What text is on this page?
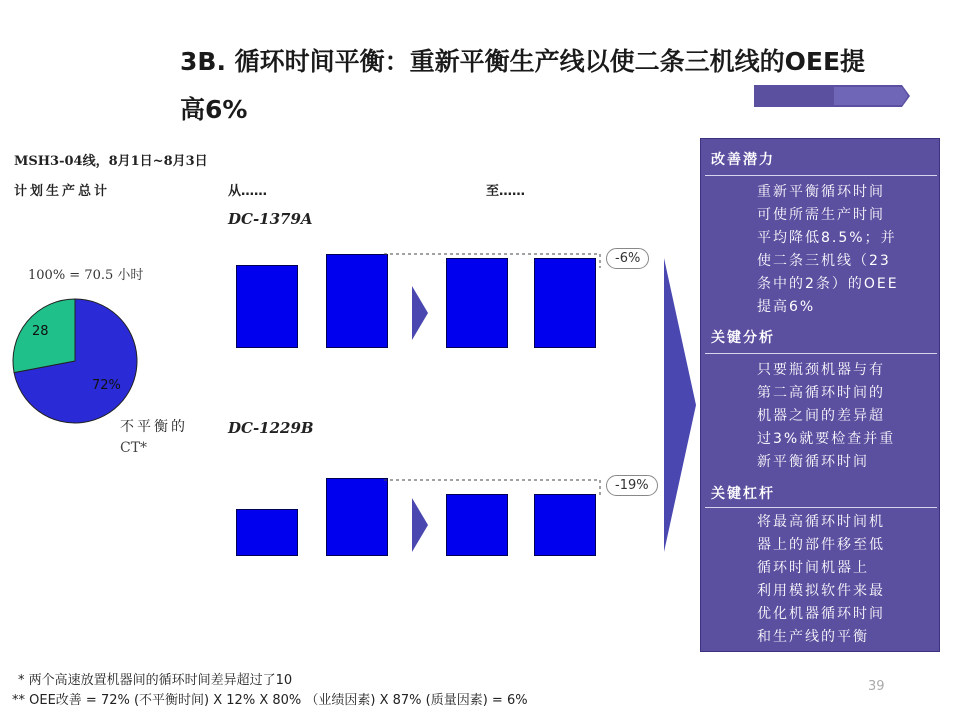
3B. 循环时间平衡：重新平衡生产线以使二条三机线的OEE提
高6%
MSH3-04线，8月1日~8月3日
计划生产总计	从……	至……
100% = 70.5 小时
28
72%
不平衡的
CT*
DC-1379A
-6%
DC-1229B
-19%
改善潜力
重新平衡循环时间
可使所需生产时间
平均降低8.5%；并
使二条三机线（23
条中的2条）的OEE
提高6%
关键分析
只要瓶颈机器与有
第二高循环时间的
机器之间的差异超
过3%就要检查并重
新平衡循环时间
关键杠杆
将最高循环时间机
器上的部件移至低
循环时间机器上
利用模拟软件来最
优化机器循环时间
和生产线的平衡
* 两个高速放置机器间的循环时间差异超过了10
** OEE改善 = 72% (不平衡时间) X 12% X 80% （业绩因素) X 87% (质量因素) = 6%
39
